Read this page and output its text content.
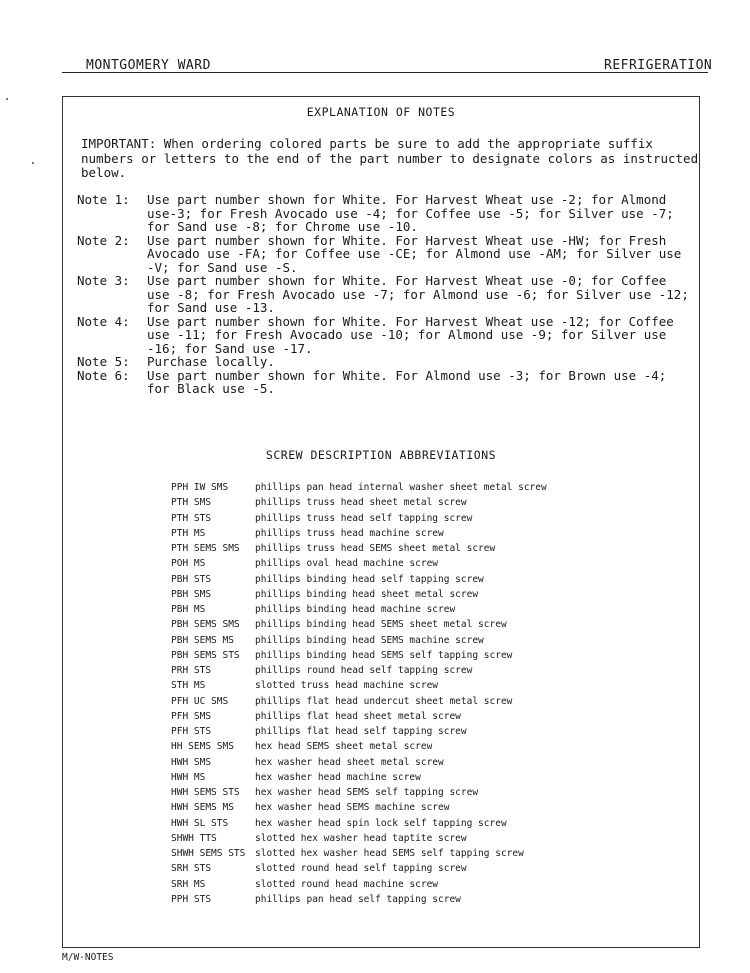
MONTGOMERY WARD	REFRIGERATION
EXPLANATION OF NOTES
IMPORTANT: When ordering colored parts be sure to add the appropriate suffix
numbers or letters to the end of the part number to designate colors as instructed
below.
Note 1:	Use part number shown for White. For Harvest Wheat use -2; for Almond
use-3; for Fresh Avocado use -4; for Coffee use -5; for Silver use -7;
for Sand use -8; for Chrome use -10.
Note 2:	Use part number shown for White. For Harvest Wheat use -HW; for Fresh
Avocado use -FA; for Coffee use -CE; for Almond use -AM; for Silver use
-V; for Sand use -S.
Note 3:	Use part number shown for White. For Harvest Wheat use -0; for Coffee
use -8; for Fresh Avocado use -7; for Almond use -6; for Silver use -12;
for Sand use -13.
Note 4:	Use part number shown for White. For Harvest Wheat use -12; for Coffee
use -11; for Fresh Avocado use -10; for Almond use -9; for Silver use
-16; for Sand use -17.
Note 5:	Purchase locally.
Note 6:	Use part number shown for White. For Almond use -3; for Brown use -4;
for Black use -5.
SCREW DESCRIPTION ABBREVIATIONS
PPH IW SMS	phillips pan head internal washer sheet metal screw
PTH SMS	phillips truss head sheet metal screw
PTH STS	phillips truss head self tapping screw
PTH MS	phillips truss head machine screw
PTH SEMS SMS	phillips truss head SEMS sheet metal screw
POH MS	phillips oval head machine screw
PBH STS	phillips binding head self tapping screw
PBH SMS	phillips binding head sheet metal screw
PBH MS	phillips binding head machine screw
PBH SEMS SMS	phillips binding head SEMS sheet metal screw
PBH SEMS MS	phillips binding head SEMS machine screw
PBH SEMS STS	phillips binding head SEMS self tapping screw
PRH STS	phillips round head self tapping screw
STH MS	slotted truss head machine screw
PFH UC SMS	phillips flat head undercut sheet metal screw
PFH SMS	phillips flat head sheet metal screw
PFH STS	phillips flat head self tapping screw
HH SEMS SMS	hex head SEMS sheet metal screw
HWH SMS	hex washer head sheet metal screw
HWH MS	hex washer head machine screw
HWH SEMS STS	hex washer head SEMS self tapping screw
HWH SEMS MS	hex washer head SEMS machine screw
HWH SL STS	hex washer head spin lock self tapping screw
SHWH TTS	slotted hex washer head taptite screw
SHWH SEMS STS	slotted hex washer head SEMS self tapping screw
SRH STS	slotted round head self tapping screw
SRH MS	slotted round head machine screw
PPH STS	phillips pan head self tapping screw
M/W-NOTES
